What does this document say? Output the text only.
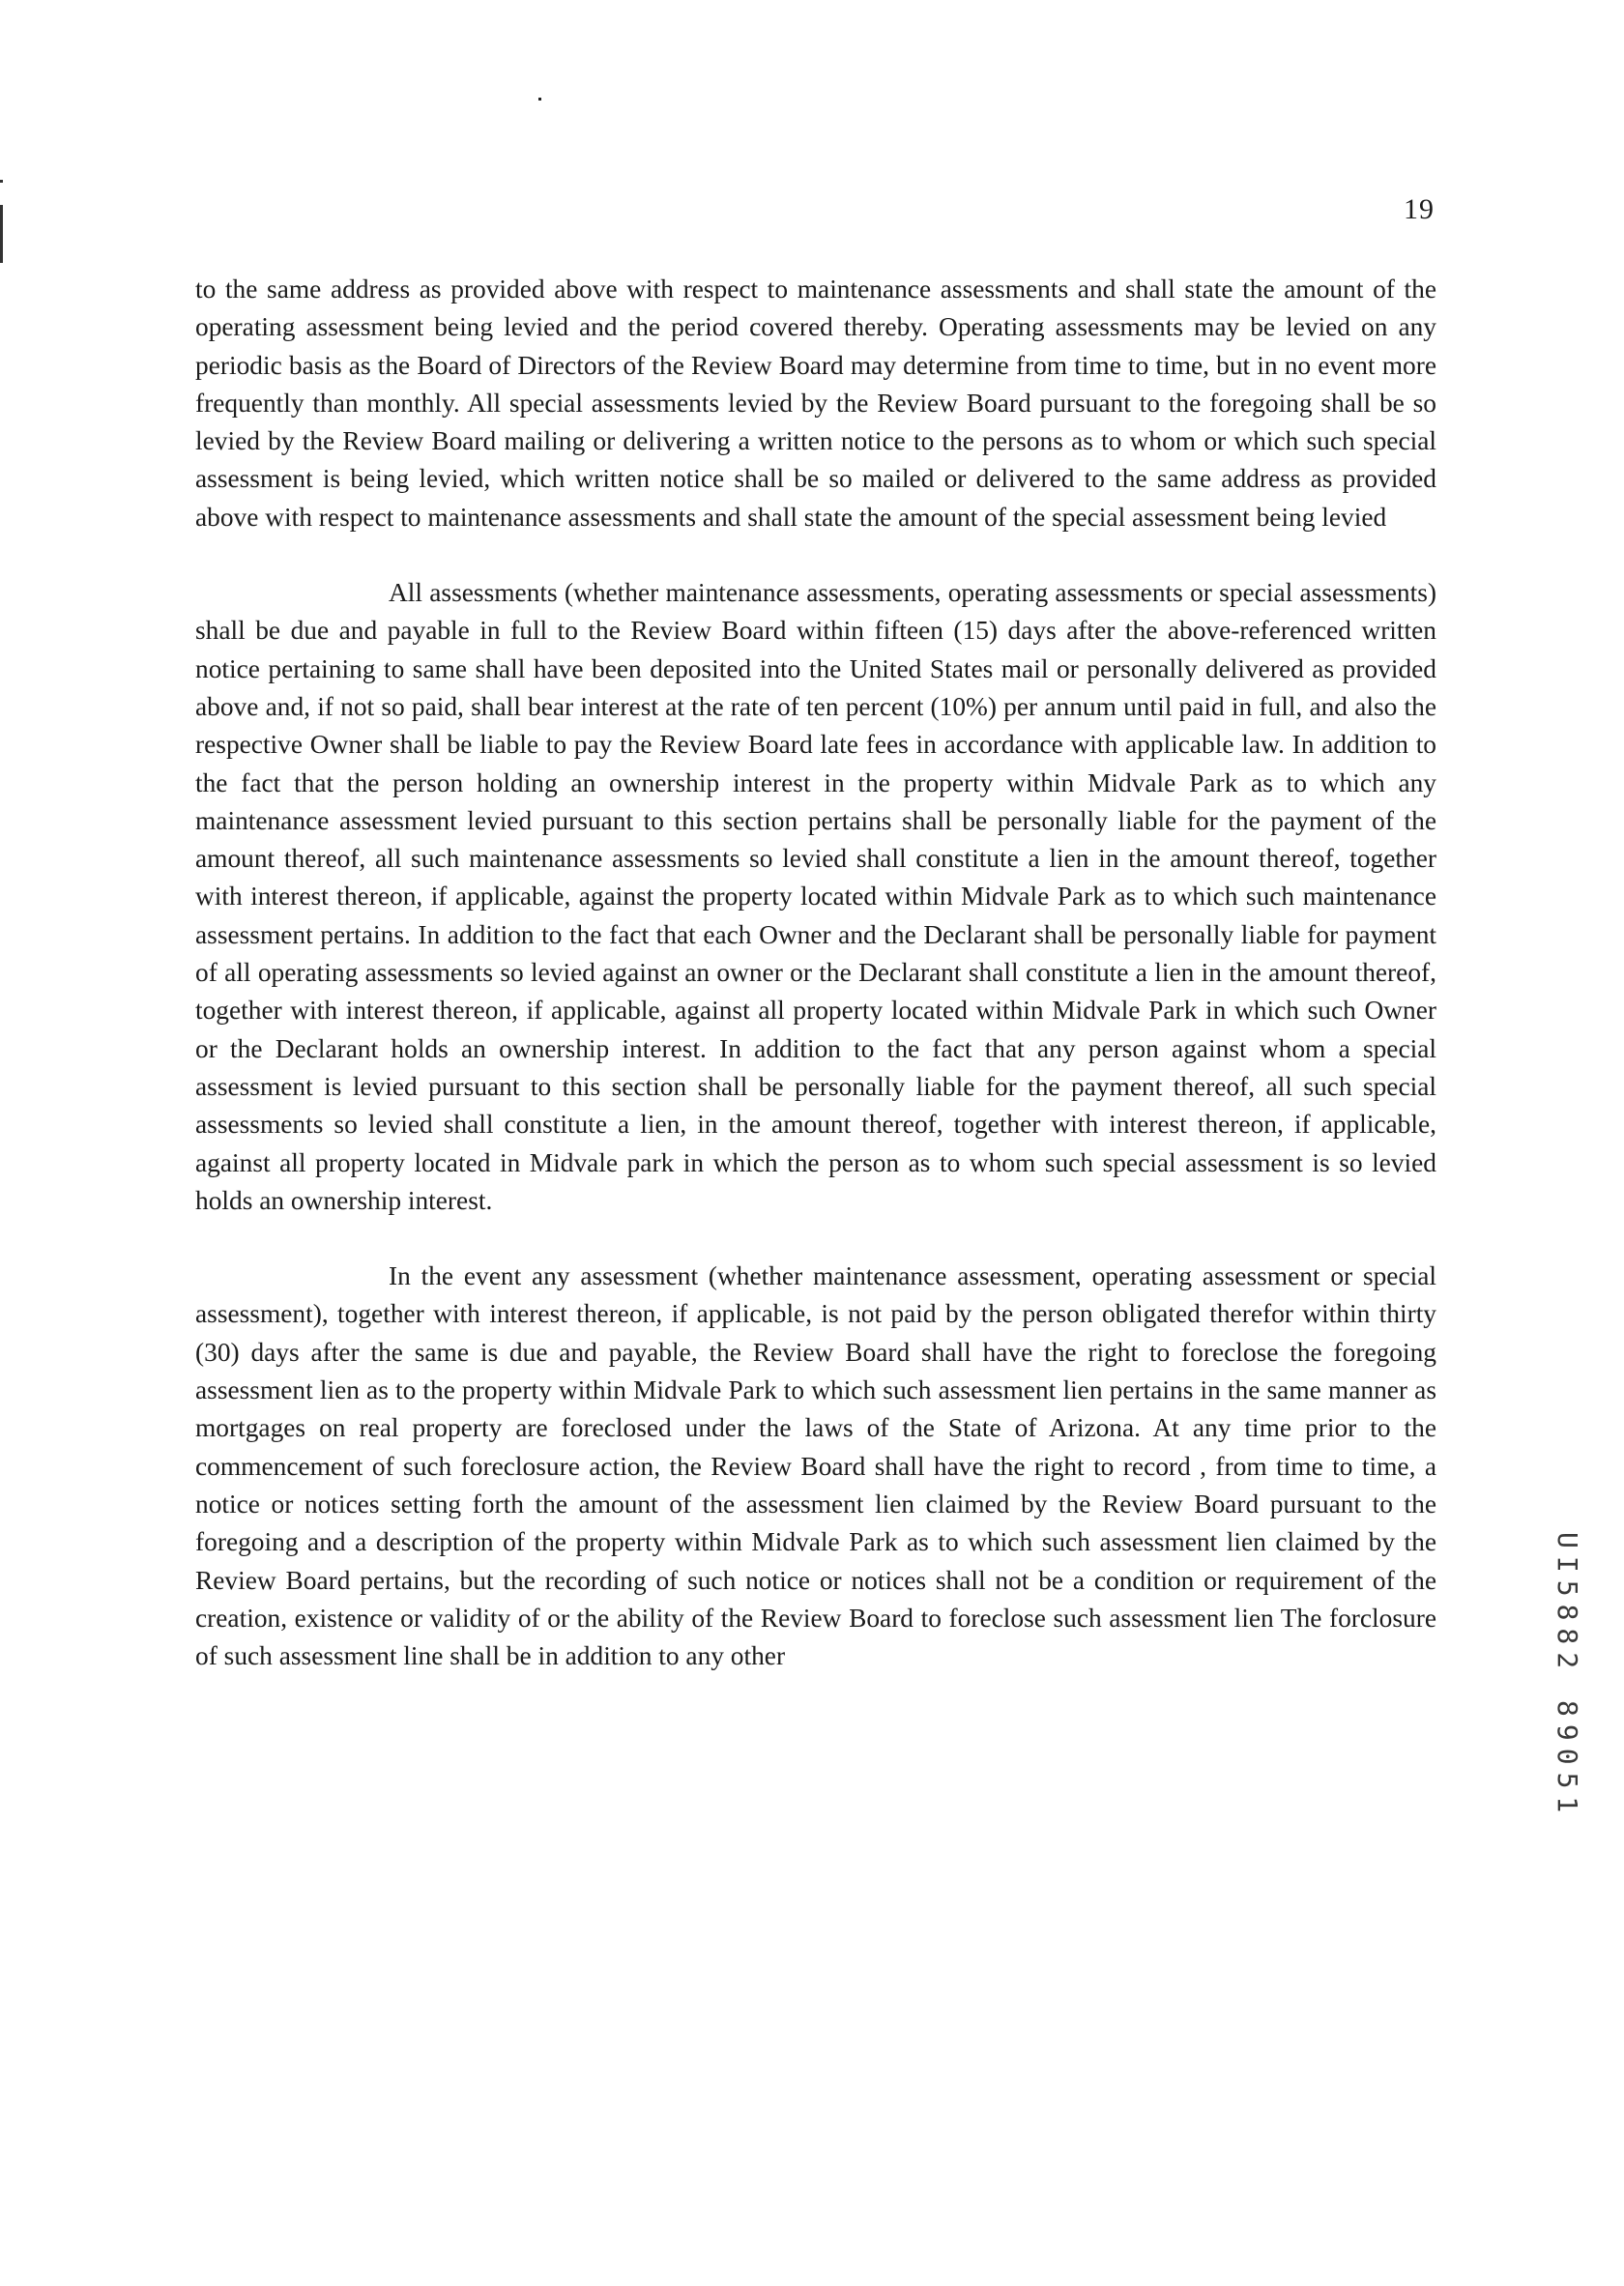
19

to the same address as provided above with respect to maintenance assessments and shall state the amount of the operating assessment being levied and the period covered thereby. Operating assessments may be levied on any periodic basis as the Board of Directors of the Review Board may determine from time to time, but in no event more frequently than monthly. All special assessments levied by the Review Board pursuant to the foregoing shall be so levied by the Review Board mailing or delivering a written notice to the persons as to whom or which such special assessment is being levied, which written notice shall be so mailed or delivered to the same address as provided above with respect to maintenance assessments and shall state the amount of the special assessment being levied

All assessments (whether maintenance assessments, operating assessments or special assessments) shall be due and payable in full to the Review Board within fifteen (15) days after the above-referenced written notice pertaining to same shall have been deposited into the United States mail or personally delivered as provided above and, if not so paid, shall bear interest at the rate of ten percent (10%) per annum until paid in full, and also the respective Owner shall be liable to pay the Review Board late fees in accordance with applicable law. In addition to the fact that the person holding an ownership interest in the property within Midvale Park as to which any maintenance assessment levied pursuant to this section pertains shall be personally liable for the payment of the amount thereof, all such maintenance assessments so levied shall constitute a lien in the amount thereof, together with interest thereon, if applicable, against the property located within Midvale Park as to which such maintenance assessment pertains. In addition to the fact that each Owner and the Declarant shall be personally liable for payment of all operating assessments so levied against an owner or the Declarant shall constitute a lien in the amount thereof, together with interest thereon, if applicable, against all property located within Midvale Park in which such Owner or the Declarant holds an ownership interest. In addition to the fact that any person against whom a special assessment is levied pursuant to this section shall be personally liable for the payment thereof, all such special assessments so levied shall constitute a lien, in the amount thereof, together with interest thereon, if applicable, against all property located in Midvale park in which the person as to whom such special assessment is so levied holds an ownership interest.

In the event any assessment (whether maintenance assessment, operating assessment or special assessment), together with interest thereon, if applicable, is not paid by the person obligated therefor within thirty (30) days after the same is due and payable, the Review Board shall have the right to foreclose the foregoing assessment lien as to the property within Midvale Park to which such assessment lien pertains in the same manner as mortgages on real property are foreclosed under the laws of the State of Arizona. At any time prior to the commencement of such foreclosure action, the Review Board shall have the right to record , from time to time, a notice or notices setting forth the amount of the assessment lien claimed by the Review Board pursuant to the foregoing and a description of the property within Midvale Park as to which such assessment lien claimed by the Review Board pertains, but the recording of such notice or notices shall not be a condition or requirement of the creation, existence or validity of or the ability of the Review Board to foreclose such assessment lien The forclosure of such assessment line shall be in addition to any other	UI5882 89051
